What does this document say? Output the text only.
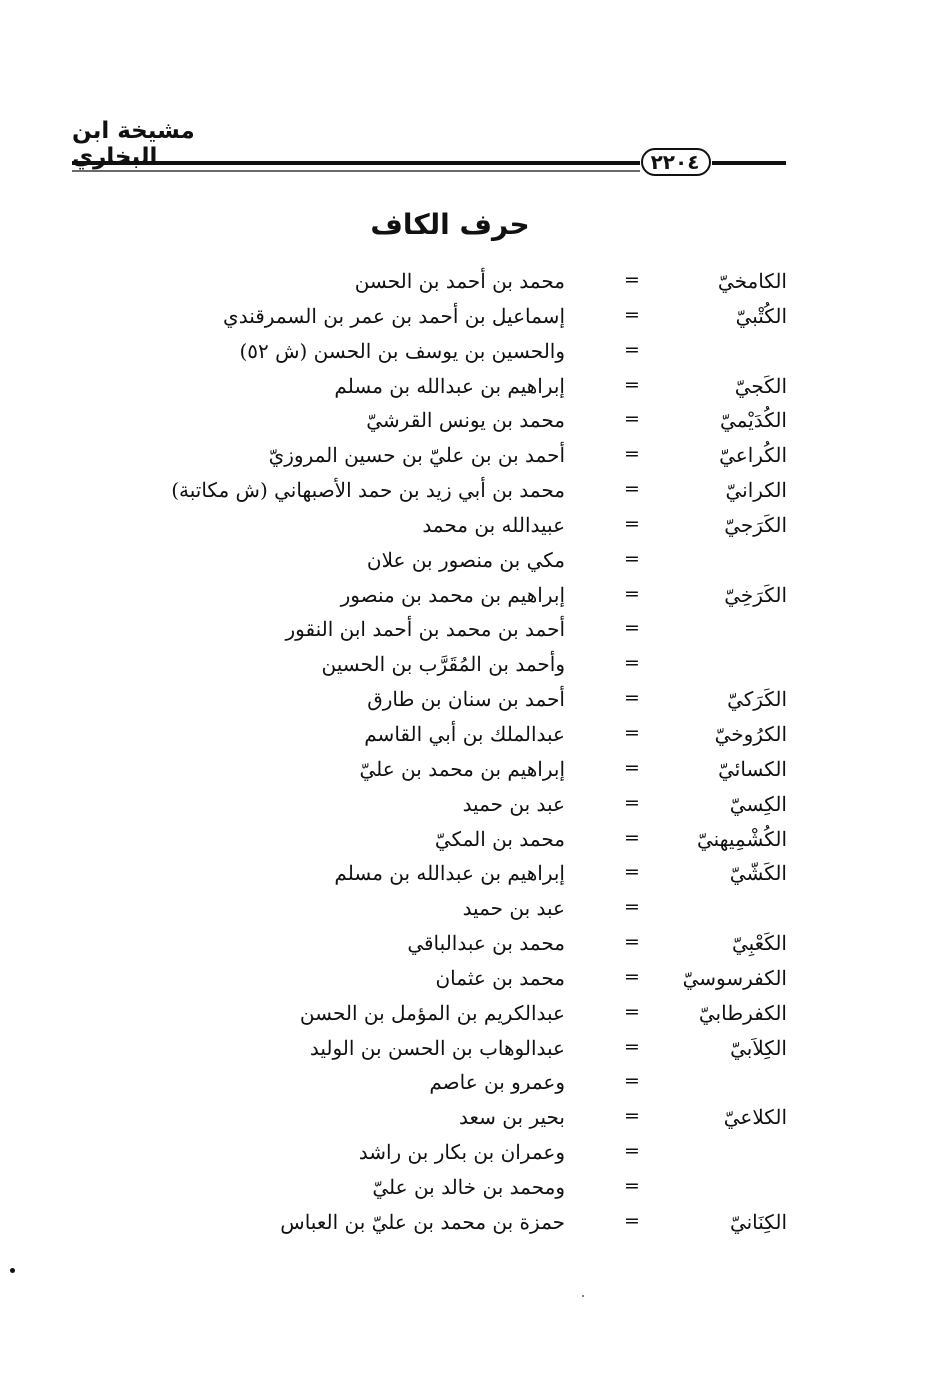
مشيخة ابن البخاري	٢٢٠٤
حرف الكاف
الكامخيّ
=
محمد بن أحمد بن الحسن
الكُتْبيّ
=
إسماعيل بن أحمد بن عمر بن السمرقندي
=
والحسين بن يوسف بن الحسن (ش ٥٢)
الكَجيّ
=
إبراهيم بن عبدالله بن مسلم
الكُدَيْميّ
=
محمد بن يونس القرشيّ
الكُراعيّ
=
أحمد بن بن عليّ بن حسين المروزيّ
الكرانيّ
=
محمد بن أبي زيد بن حمد الأصبهاني (ش مكاتبة)
الكَرَجيّ
=
عبيدالله بن محمد
=
مكي بن منصور بن علان
الكَرَخِيّ
=
إبراهيم بن محمد بن منصور
=
أحمد بن محمد بن أحمد ابن النقور
=
وأحمد بن المُقَرَّب بن الحسين
الكَرَكيّ
=
أحمد بن سنان بن طارق
الكرُوخيّ
=
عبدالملك بن أبي القاسم
الكسائيّ
=
إبراهيم بن محمد بن عليّ
الكِسيّ
=
عبد بن حميد
الكُشْمِيهنيّ
=
محمد بن المكيّ
الكَشّيّ
=
إبراهيم بن عبدالله بن مسلم
=
عبد بن حميد
الكَعْبِيّ
=
محمد بن عبدالباقي
الكفرسوسيّ
=
محمد بن عثمان
الكفرطابيّ
=
عبدالكريم بن المؤمل بن الحسن
الكِلاَبيّ
=
عبدالوهاب بن الحسن بن الوليد
=
وعمرو بن عاصم
الكلاعيّ
=
بحير بن سعد
=
وعمران بن بكار بن راشد
=
ومحمد بن خالد بن عليّ
الكِنَانيّ
=
حمزة بن محمد بن عليّ بن العباس
